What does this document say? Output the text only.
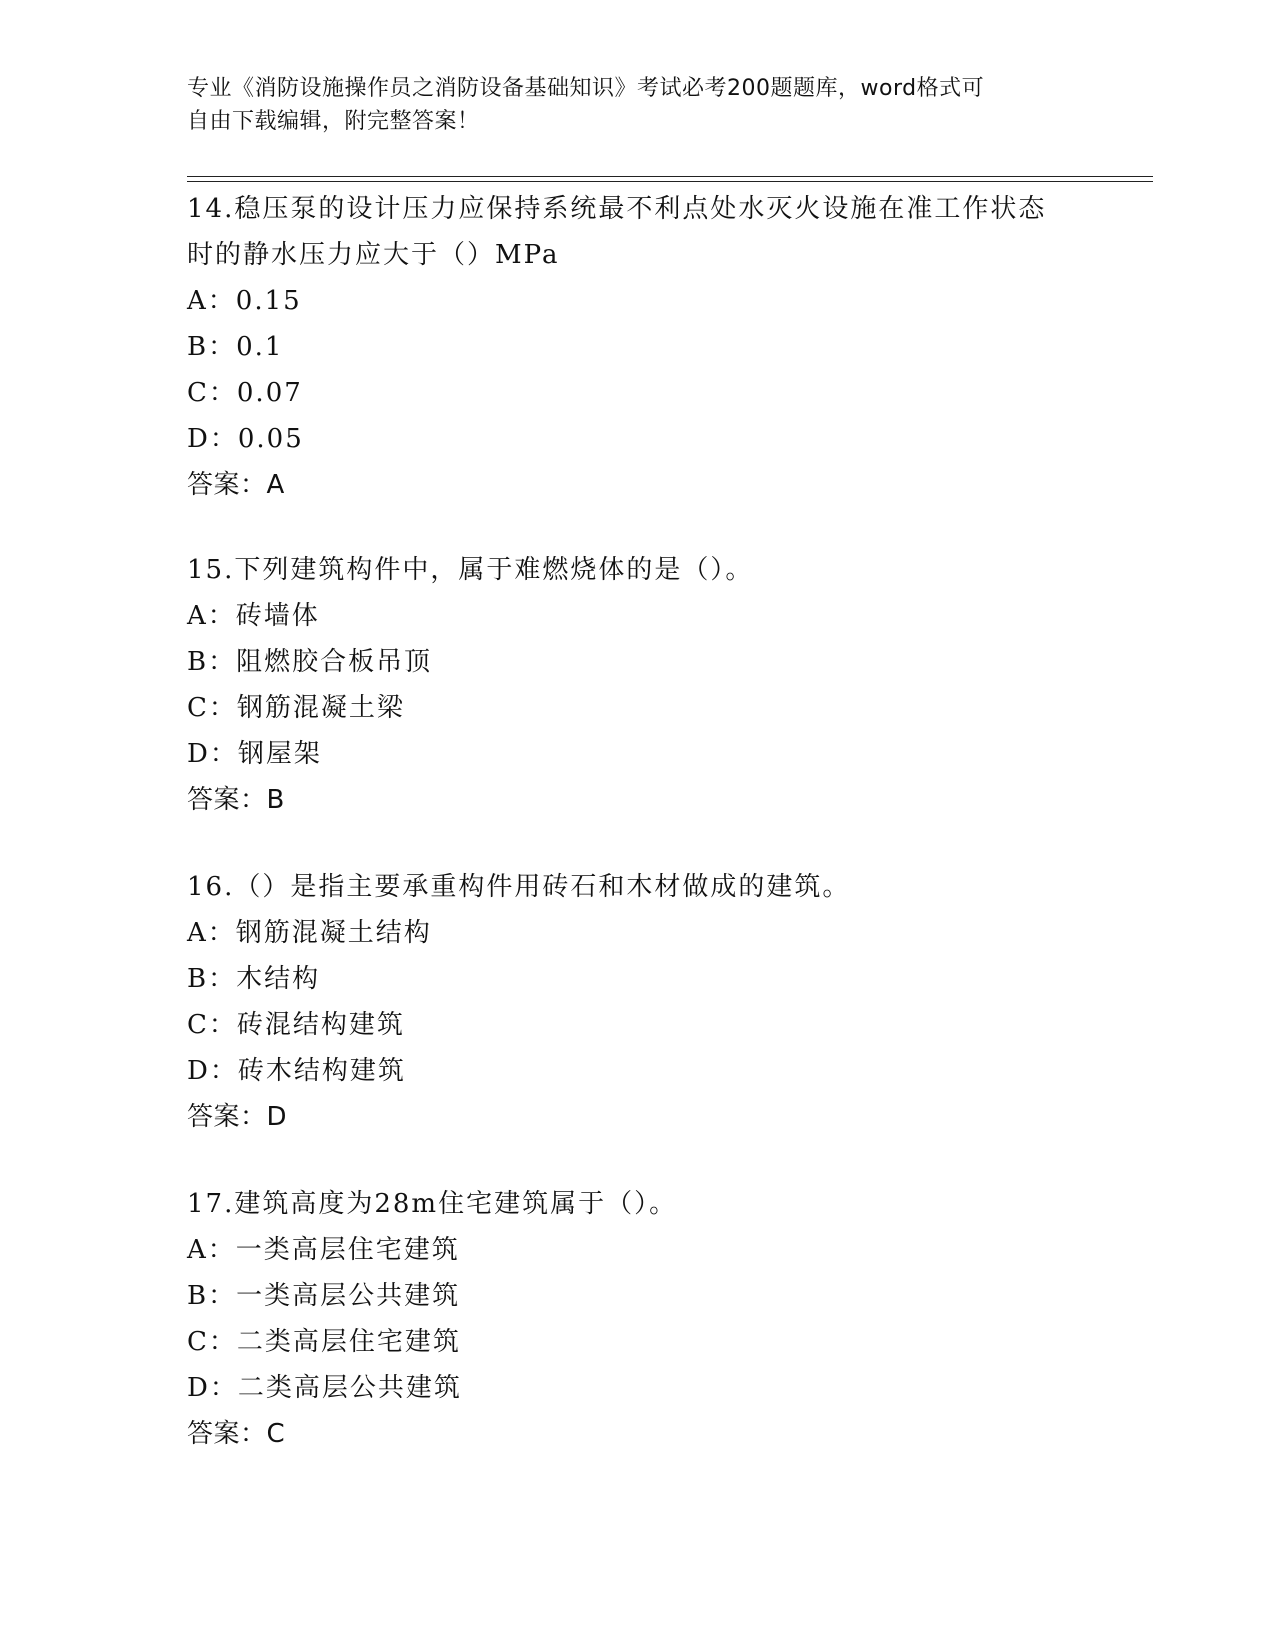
专业《消防设施操作员之消防设备基础知识》考试必考200题题库，word格式可
自由下载编辑，附完整答案！
14.稳压泵的设计压力应保持系统最不利点处水灭火设施在准工作状态
时的静水压力应大于（）MPa
A：0.15
B：0.1
C：0.07
D：0.05
答案：A
15.下列建筑构件中，属于难燃烧体的是（）。
A：砖墙体
B：阻燃胶合板吊顶
C：钢筋混凝土梁
D：钢屋架
答案：B
16.（）是指主要承重构件用砖石和木材做成的建筑。
A：钢筋混凝土结构
B：木结构
C：砖混结构建筑
D：砖木结构建筑
答案：D
17.建筑高度为28m住宅建筑属于（）。
A：一类高层住宅建筑
B：一类高层公共建筑
C：二类高层住宅建筑
D：二类高层公共建筑
答案：C
